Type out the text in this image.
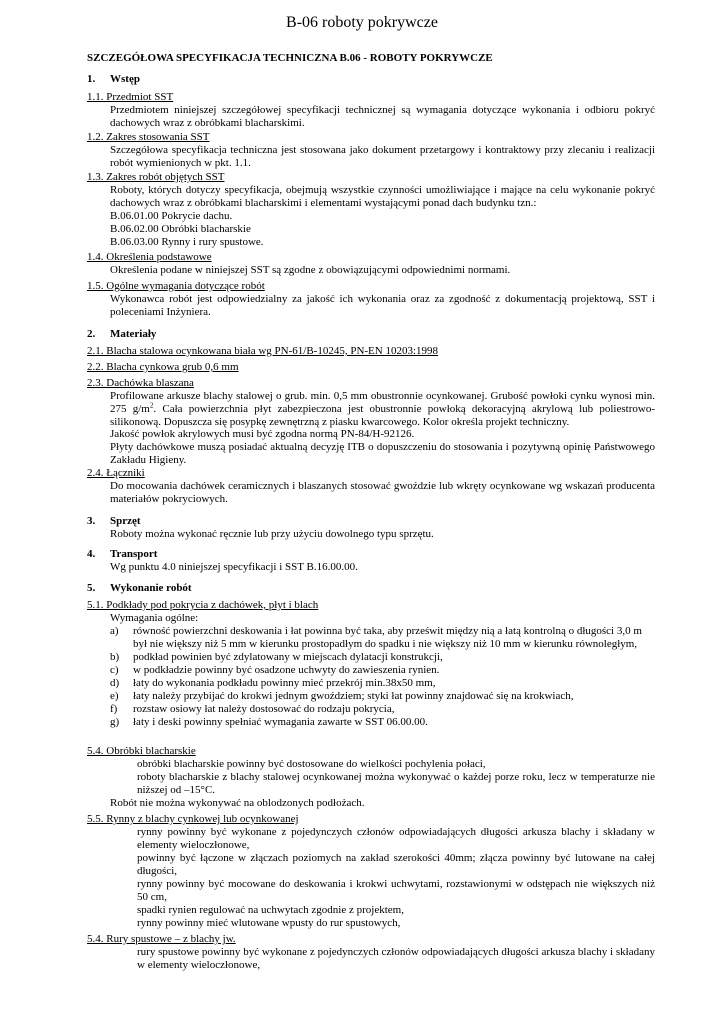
B-06 roboty pokrywcze
SZCZEGÓŁOWA SPECYFIKACJA TECHNICZNA B.06 - ROBOTY POKRYWCZE
1. Wstęp
1.1. Przedmiot SST
Przedmiotem niniejszej szczegółowej specyfikacji technicznej są wymagania dotyczące wykonania i odbioru pokryć dachowych wraz z obróbkami blacharskimi.
1.2. Zakres stosowania SST
Szczegółowa specyfikacja techniczna jest stosowana jako dokument przetargowy i kontraktowy przy zlecaniu i realizacji robót wymienionych w pkt. 1.1.
1.3. Zakres robót objętych SST
Roboty, których dotyczy specyfikacja, obejmują wszystkie czynności umożliwiające i mające na celu wykonanie pokryć dachowych wraz z obróbkami blacharskimi i elementami wystającymi ponad dach budynku tzn.:
B.06.01.00 Pokrycie dachu.
B.06.02.00 Obróbki blacharskie
B.06.03.00 Rynny i rury spustowe.
1.4. Określenia podstawowe
Określenia podane w niniejszej SST są zgodne z obowiązującymi odpowiednimi normami.
1.5. Ogólne wymagania dotyczące robót
Wykonawca robót jest odpowiedzialny za jakość ich wykonania oraz za zgodność z dokumentacją projektową, SST i poleceniami Inżyniera.
2. Materiały
2.1. Blacha stalowa ocynkowana biała wg PN-61/B-10245, PN-EN 10203:1998
2.2. Blacha cynkowa grub 0,6 mm
2.3. Dachówka blaszana
Profilowane arkusze blachy stalowej o grub. min. 0,5 mm obustronnie ocynkowanej. Grubość powłoki cynku wynosi min. 275 $g/m^2$. Cała powierzchnia płyt zabezpieczona jest obustronnie powłoką dekoracyjną akrylową lub poliestrowo-silikonową. Dopuszcza się posypkę zewnętrzną z piasku kwarcowego. Kolor określa projekt techniczny.
Jakość powłok akrylowych musi być zgodna normą PN-84/H-92126.
Płyty dachówkowe muszą posiadać aktualną decyzję ITB o dopuszczeniu do stosowania i pozytywną opinię Państwowego Zakładu Higieny.
2.4. Łączniki
Do mocowania dachówek ceramicznych i blaszanych stosować gwoździe lub wkręty ocynkowane wg wskazań producenta materiałów pokryciowych.
3. Sprzęt
Roboty można wykonać ręcznie lub przy użyciu dowolnego typu sprzętu.
4. Transport
Wg punktu 4.0 niniejszej specyfikacji i SST B.16.00.00.
5. Wykonanie robót
5.1. Podkłady pod pokrycia z dachówek, płyt i blach
Wymagania ogólne:
a) równość powierzchni deskowania i łat powinna być taka, aby prześwit między nią a łatą kontrolną o długości 3,0 m był nie większy niż 5 mm w kierunku prostopadłym do spadku i nie większy niż 10 mm w kierunku równoległym,
b) podkład powinien być zdylatowany w miejscach dylatacji konstrukcji,
c) w podkładzie powinny być osadzone uchwyty do zawieszenia rynien.
d) łaty do wykonania podkładu powinny mieć przekrój min.38x50 mm,
e) łaty należy przybijać do krokwi jednym gwoździem; styki łat powinny znajdować się na krokwiach,
f) rozstaw osiowy łat należy dostosować do rodzaju pokrycia,
g) łaty i deski powinny spełniać wymagania zawarte w SST 06.00.00.
5.4. Obróbki blacharskie
obróbki blacharskie powinny być dostosowane do wielkości pochylenia połaci,
roboty blacharskie z blachy stalowej ocynkowanej można wykonywać o każdej porze roku, lecz w temperaturze nie niższej od –15°C.
Robót nie można wykonywać na oblodzonych podłożach.
5.5. Rynny z blachy cynkowej lub ocynkowanej
rynny powinny być wykonane z pojedynczych członów odpowiadających długości arkusza blachy i składany w elementy wieloczłonowe,
powinny być łączone w złączach poziomych na zakład szerokości 40mm; złącza powinny być lutowane na całej długości,
rynny powinny być mocowane do deskowania i krokwi uchwytami, rozstawionymi w odstępach nie większych niż 50 cm,
spadki rynien regulować na uchwytach zgodnie z projektem,
rynny powinny mieć wlutowane wpusty do rur spustowych,
5.4. Rury spustowe – z blachy jw.
rury spustowe powinny być wykonane z pojedynczych członów odpowiadających długości arkusza blachy i składany w elementy wieloczłonowe,
